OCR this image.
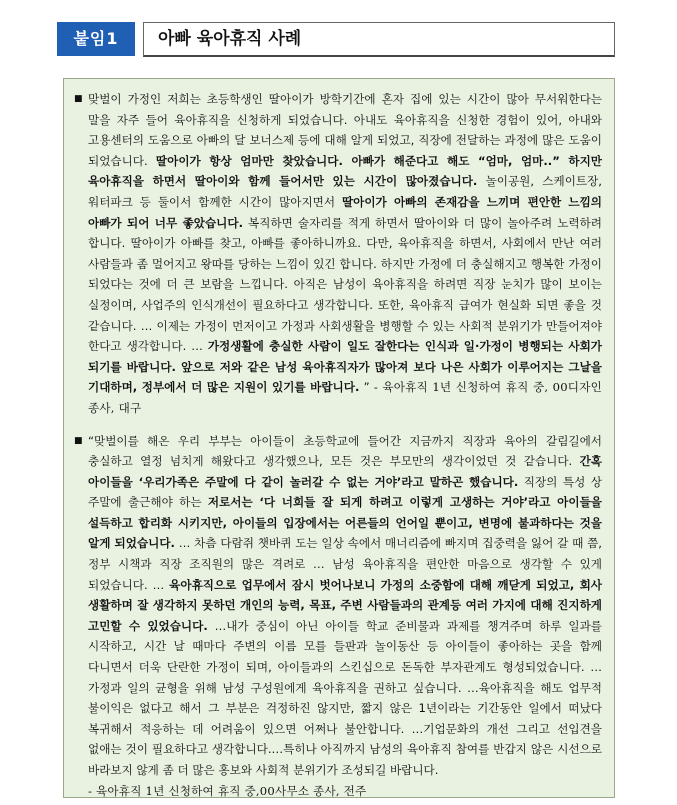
붙임1	아빠 육아휴직 사례
■ 맞벌이 가정인 저희는 초등학생인 딸아이가 방학기간에 혼자 집에 있는 시간이 많아 무서워한다는 말을 자주 들어 육아휴직을 신청하게 되었습니다. 아내도 육아휴직을 신청한 경험이 있어, 아내와 고용센터의 도움으로 아빠의 달 보너스제 등에 대해 알게 되었고, 직장에 전달하는 과정에 많은 도움이 되었습니다. 딸아이가 항상 엄마만 찾았습니다. 아빠가 해준다고 해도 “엄마, 엄마..” 하지만 육아휴직을 하면서 딸아이와 함께 들어서만 있는 시간이 많아졌습니다. 놀이공원, 스케이트장, 워터파크 등 둘이서 함께한 시간이 많아지면서 딸아이가 아빠의 존재감을 느끼며 편안한 느낌의 아빠가 되어 너무 좋았습니다. 복직하면 술자리를 적게 하면서 딸아이와 더 많이 놀아주려 노력하려 합니다. 딸아이가 아빠를 찾고, 아빠를 좋아하니까요. 다만, 육아휴직을 하면서, 사회에서 만난 여러 사람들과 좀 멀어지고 왕따를 당하는 느낌이 있긴 합니다. 하지만 가정에 더 충실해지고 행복한 가정이 되었다는 것에 더 큰 보람을 느낍니다. 아직은 남성이 육아휴직을 하려면 직장 눈치가 많이 보이는 실정이며, 사업주의 인식개선이 필요하다고 생각합니다. 또한, 육아휴직 급여가 현실화 되면 좋을 것 같습니다. … 이제는 가정이 먼저이고 가정과 사회생활을 병행할 수 있는 사회적 분위기가 만들어져야 한다고 생각합니다. … 가정생활에 충실한 사람이 일도 잘한다는 인식과 일·가정이 병행되는 사회가 되기를 바랍니다. 앞으로 저와 같은 남성 육아휴직자가 많아져 보다 나은 사회가 이루어지는 그날을 기대하며, 정부에서 더 많은 지원이 있기를 바랍니다. ” - 육아휴직 1년 신청하여 휴직 중, 00디자인 종사, 대구
■ “맞벌이를 해온 우리 부부는 아이들이 초등학교에 들어간 지금까지 직장과 육아의 갈림길에서 충실하고 열정 넘치게 해왔다고 생각했으나, 모든 것은 부모만의 생각이었던 것 같습니다. 간혹 아이들을 ‘우리가족은 주말에 다 같이 놀러갈 수 없는 거야’라고 말하곤 했습니다. 직장의 특성 상 주말에 출근해야 하는 저로서는 ‘다 너희들 잘 되게 하려고 이렇게 고생하는 거야’라고 아이들을 설득하고 합리화 시키지만, 아이들의 입장에서는 어른들의 언어일 뿐이고, 변명에 불과하다는 것을 알게 되었습니다. … 차츰 다람쥐 챗바퀴 도는 일상 속에서 매너리즘에 빠지며 집중력을 잃어 갈 때 쯤, 정부 시책과 직장 조직원의 많은 격려로 … 남성 육아휴직을 편안한 마음으로 생각할 수 있게 되었습니다. … 육아휴직으로 업무에서 잠시 벗어나보니 가정의 소중함에 대해 깨닫게 되었고, 회사 생활하며 잘 생각하지 못하던 개인의 능력, 목표, 주변 사람들과의 관계등 여러 가지에 대해 진지하게 고민할 수 있었습니다. …내가 중심이 아닌 아이들 학교 준비물과 과제를 챙겨주며 하루 일과를 시작하고, 시간 날 때마다 주변의 이름 모를 들판과 놀이동산 등 아이들이 좋아하는 곳을 함께 다니면서 더욱 단란한 가정이 되며, 아이들과의 스킨십으로 돈독한 부자관계도 형성되었습니다. …가정과 일의 균형을 위해 남성 구성원에게 육아휴직을 권하고 싶습니다. …육아휴직을 해도 업무적 불이익은 없다고 해서 그 부분은 걱정하진 않지만, 짧지 않은 1년이라는 기간동안 일에서 떠났다 복귀해서 적응하는 데 어려움이 있으면 어쩌나 불안합니다. …기업문화의 개선 그리고 선입견을 없애는 것이 필요하다고 생각합니다.…특히나 아직까지 남성의 육아휴직 참여를 반갑지 않은 시선으로 바라보지 않게 좀 더 많은 홍보와 사회적 분위기가 조성되길 바랍니다.
- 육아휴직 1년 신청하여 휴직 중,00사무소 종사, 전주
